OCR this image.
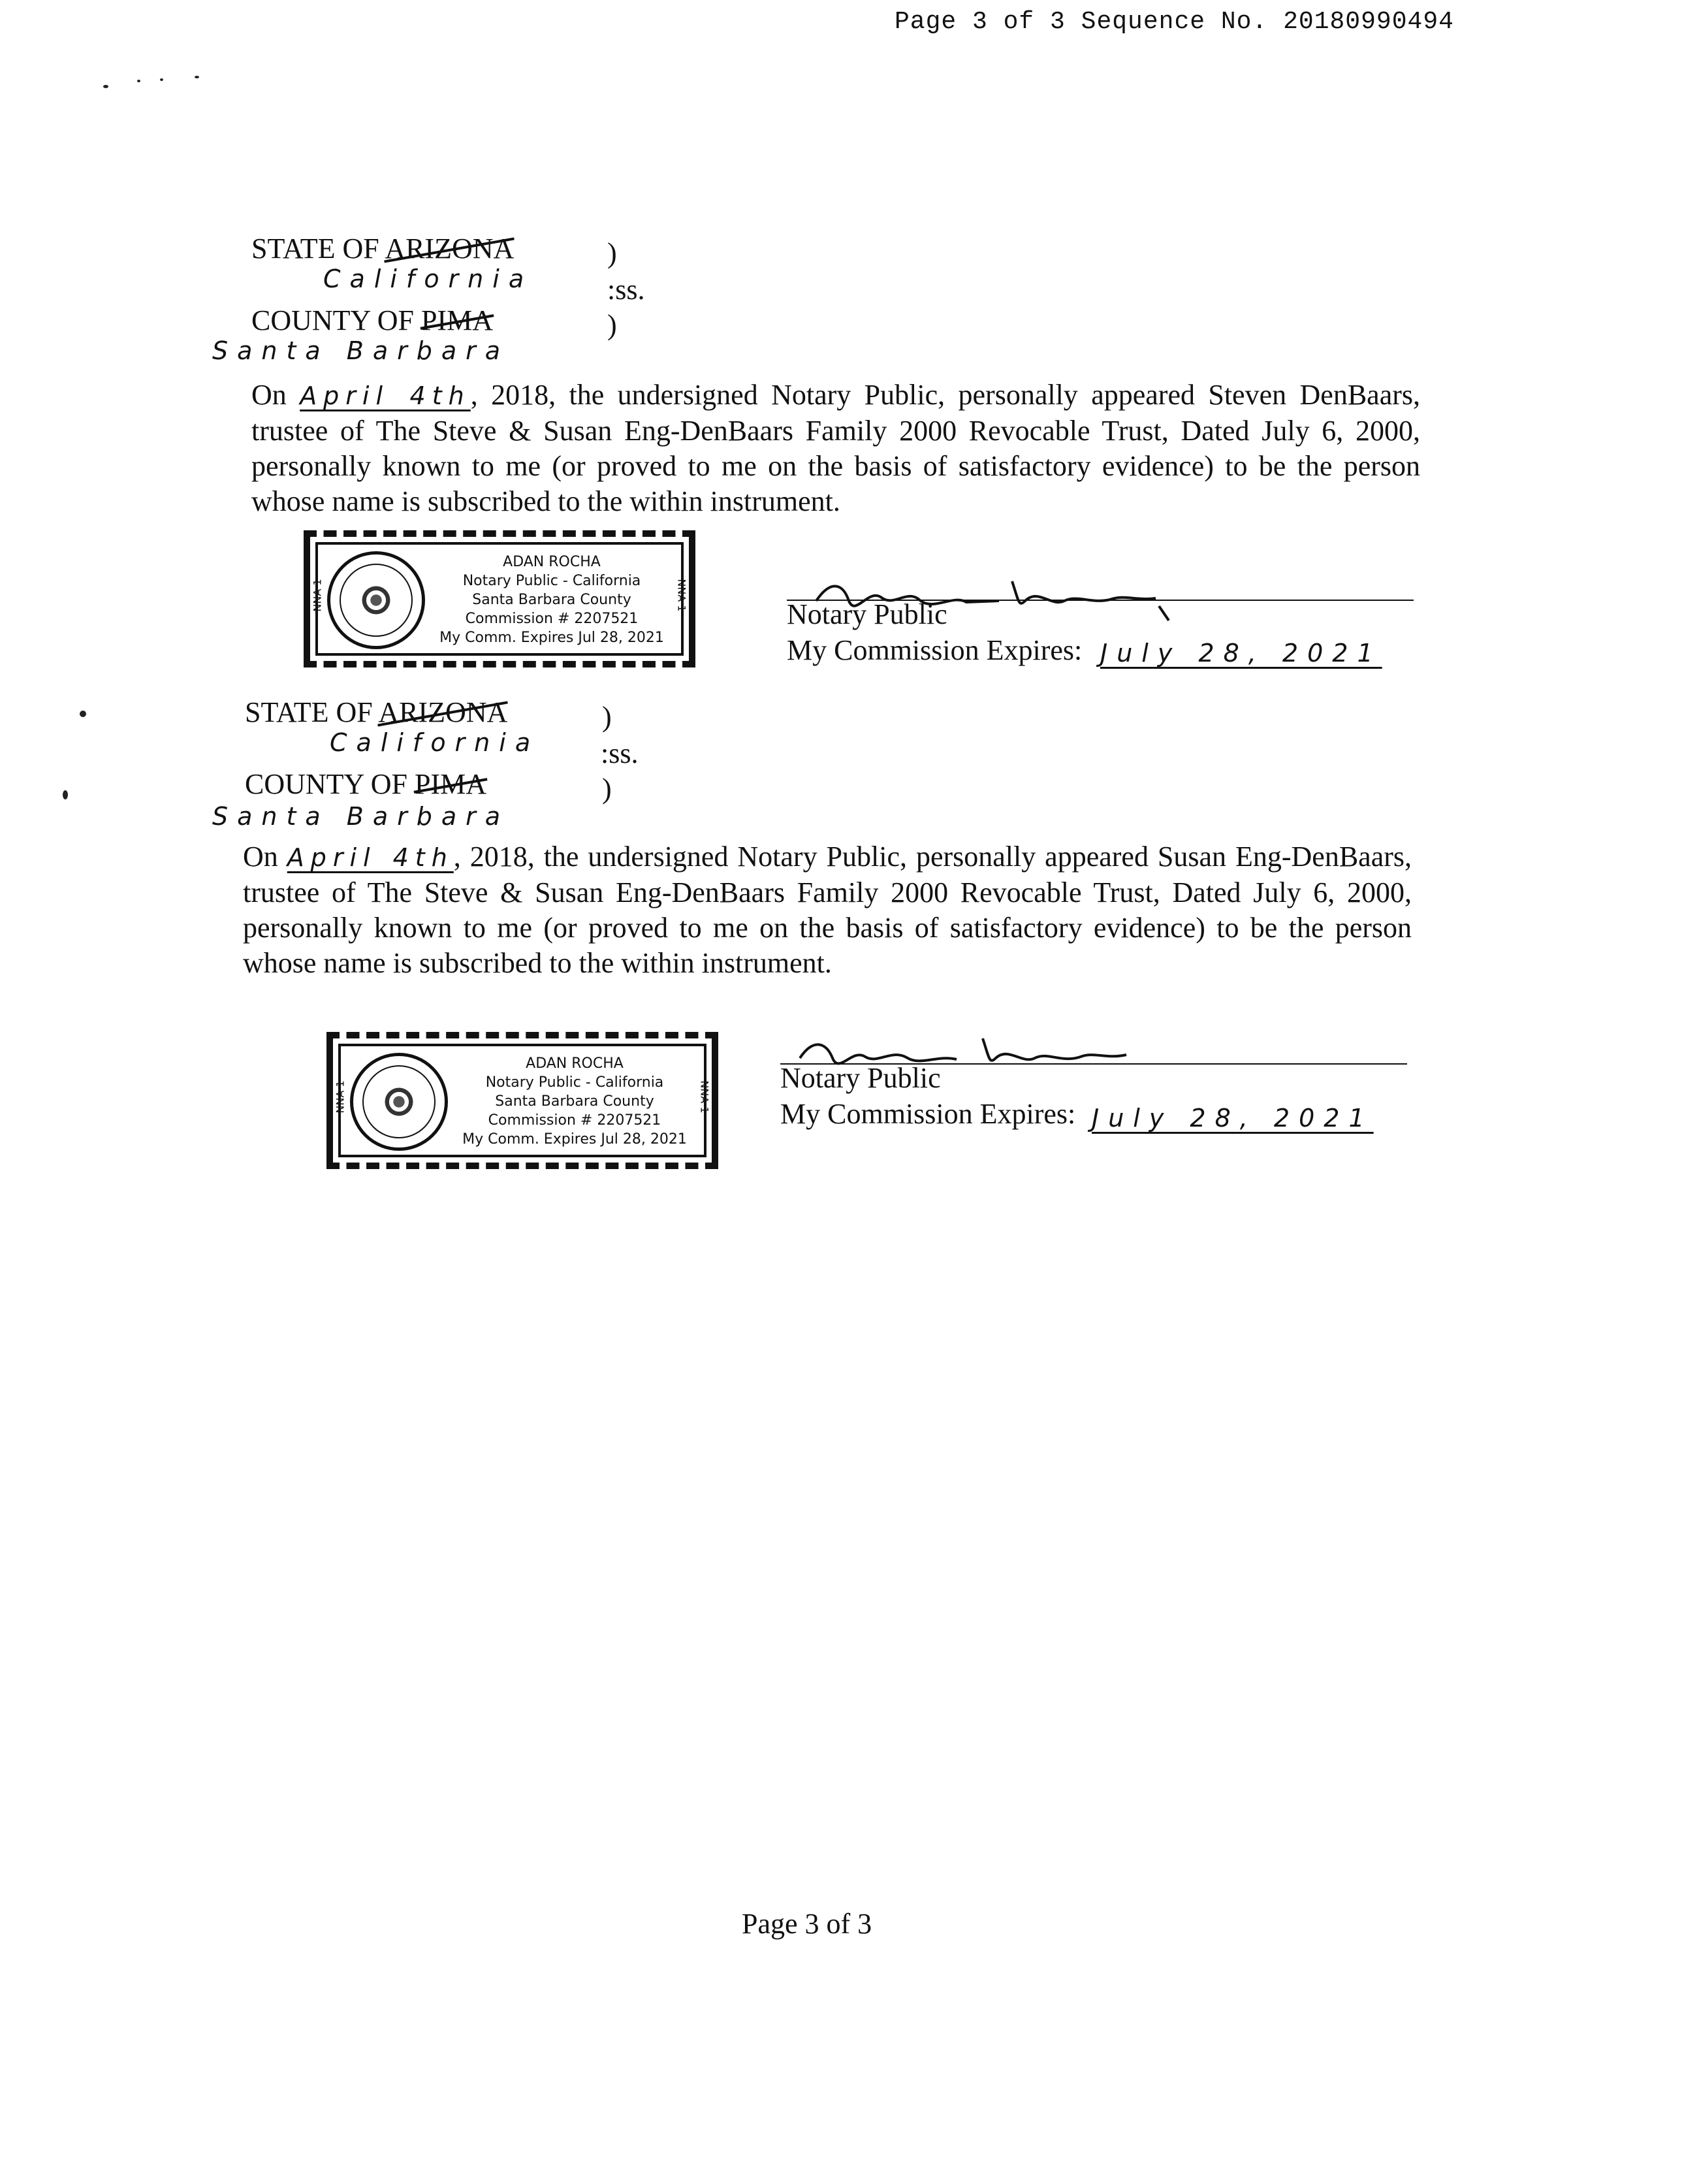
Page 3 of 3 Sequence No. 20180990494
STATE OF ARIZONA	)
California	:ss.
COUNTY OF PIMA	)
Santa Barbara
On April 4th, 2018, the undersigned Notary Public, personally appeared Steven DenBaars, trustee of The Steve & Susan Eng-DenBaars Family 2000 Revocable Trust, Dated July 6, 2000, personally known to me (or proved to me on the basis of satisfactory evidence) to be the person whose name is subscribed to the within instrument.
NNA 1	NNA 1
ADAN ROCHA
Notary Public - California
Santa Barbara County
Commission # 2207521
My Comm. Expires Jul 28, 2021
Notary Public
My Commission Expires: July 28, 2021
STATE OF ARIZONA	)
California :ss.
COUNTY OF PIMA	)
Santa Barbara
On April 4th, 2018, the undersigned Notary Public, personally appeared Susan Eng-DenBaars, trustee of The Steve & Susan Eng-DenBaars Family 2000 Revocable Trust, Dated July 6, 2000, personally known to me (or proved to me on the basis of satisfactory evidence) to be the person whose name is subscribed to the within instrument.
NNA 1	NNA 1
ADAN ROCHA
Notary Public - California
Santa Barbara County
Commission # 2207521
My Comm. Expires Jul 28, 2021
Notary Public
My Commission Expires: July 28, 2021
Page 3 of 3
